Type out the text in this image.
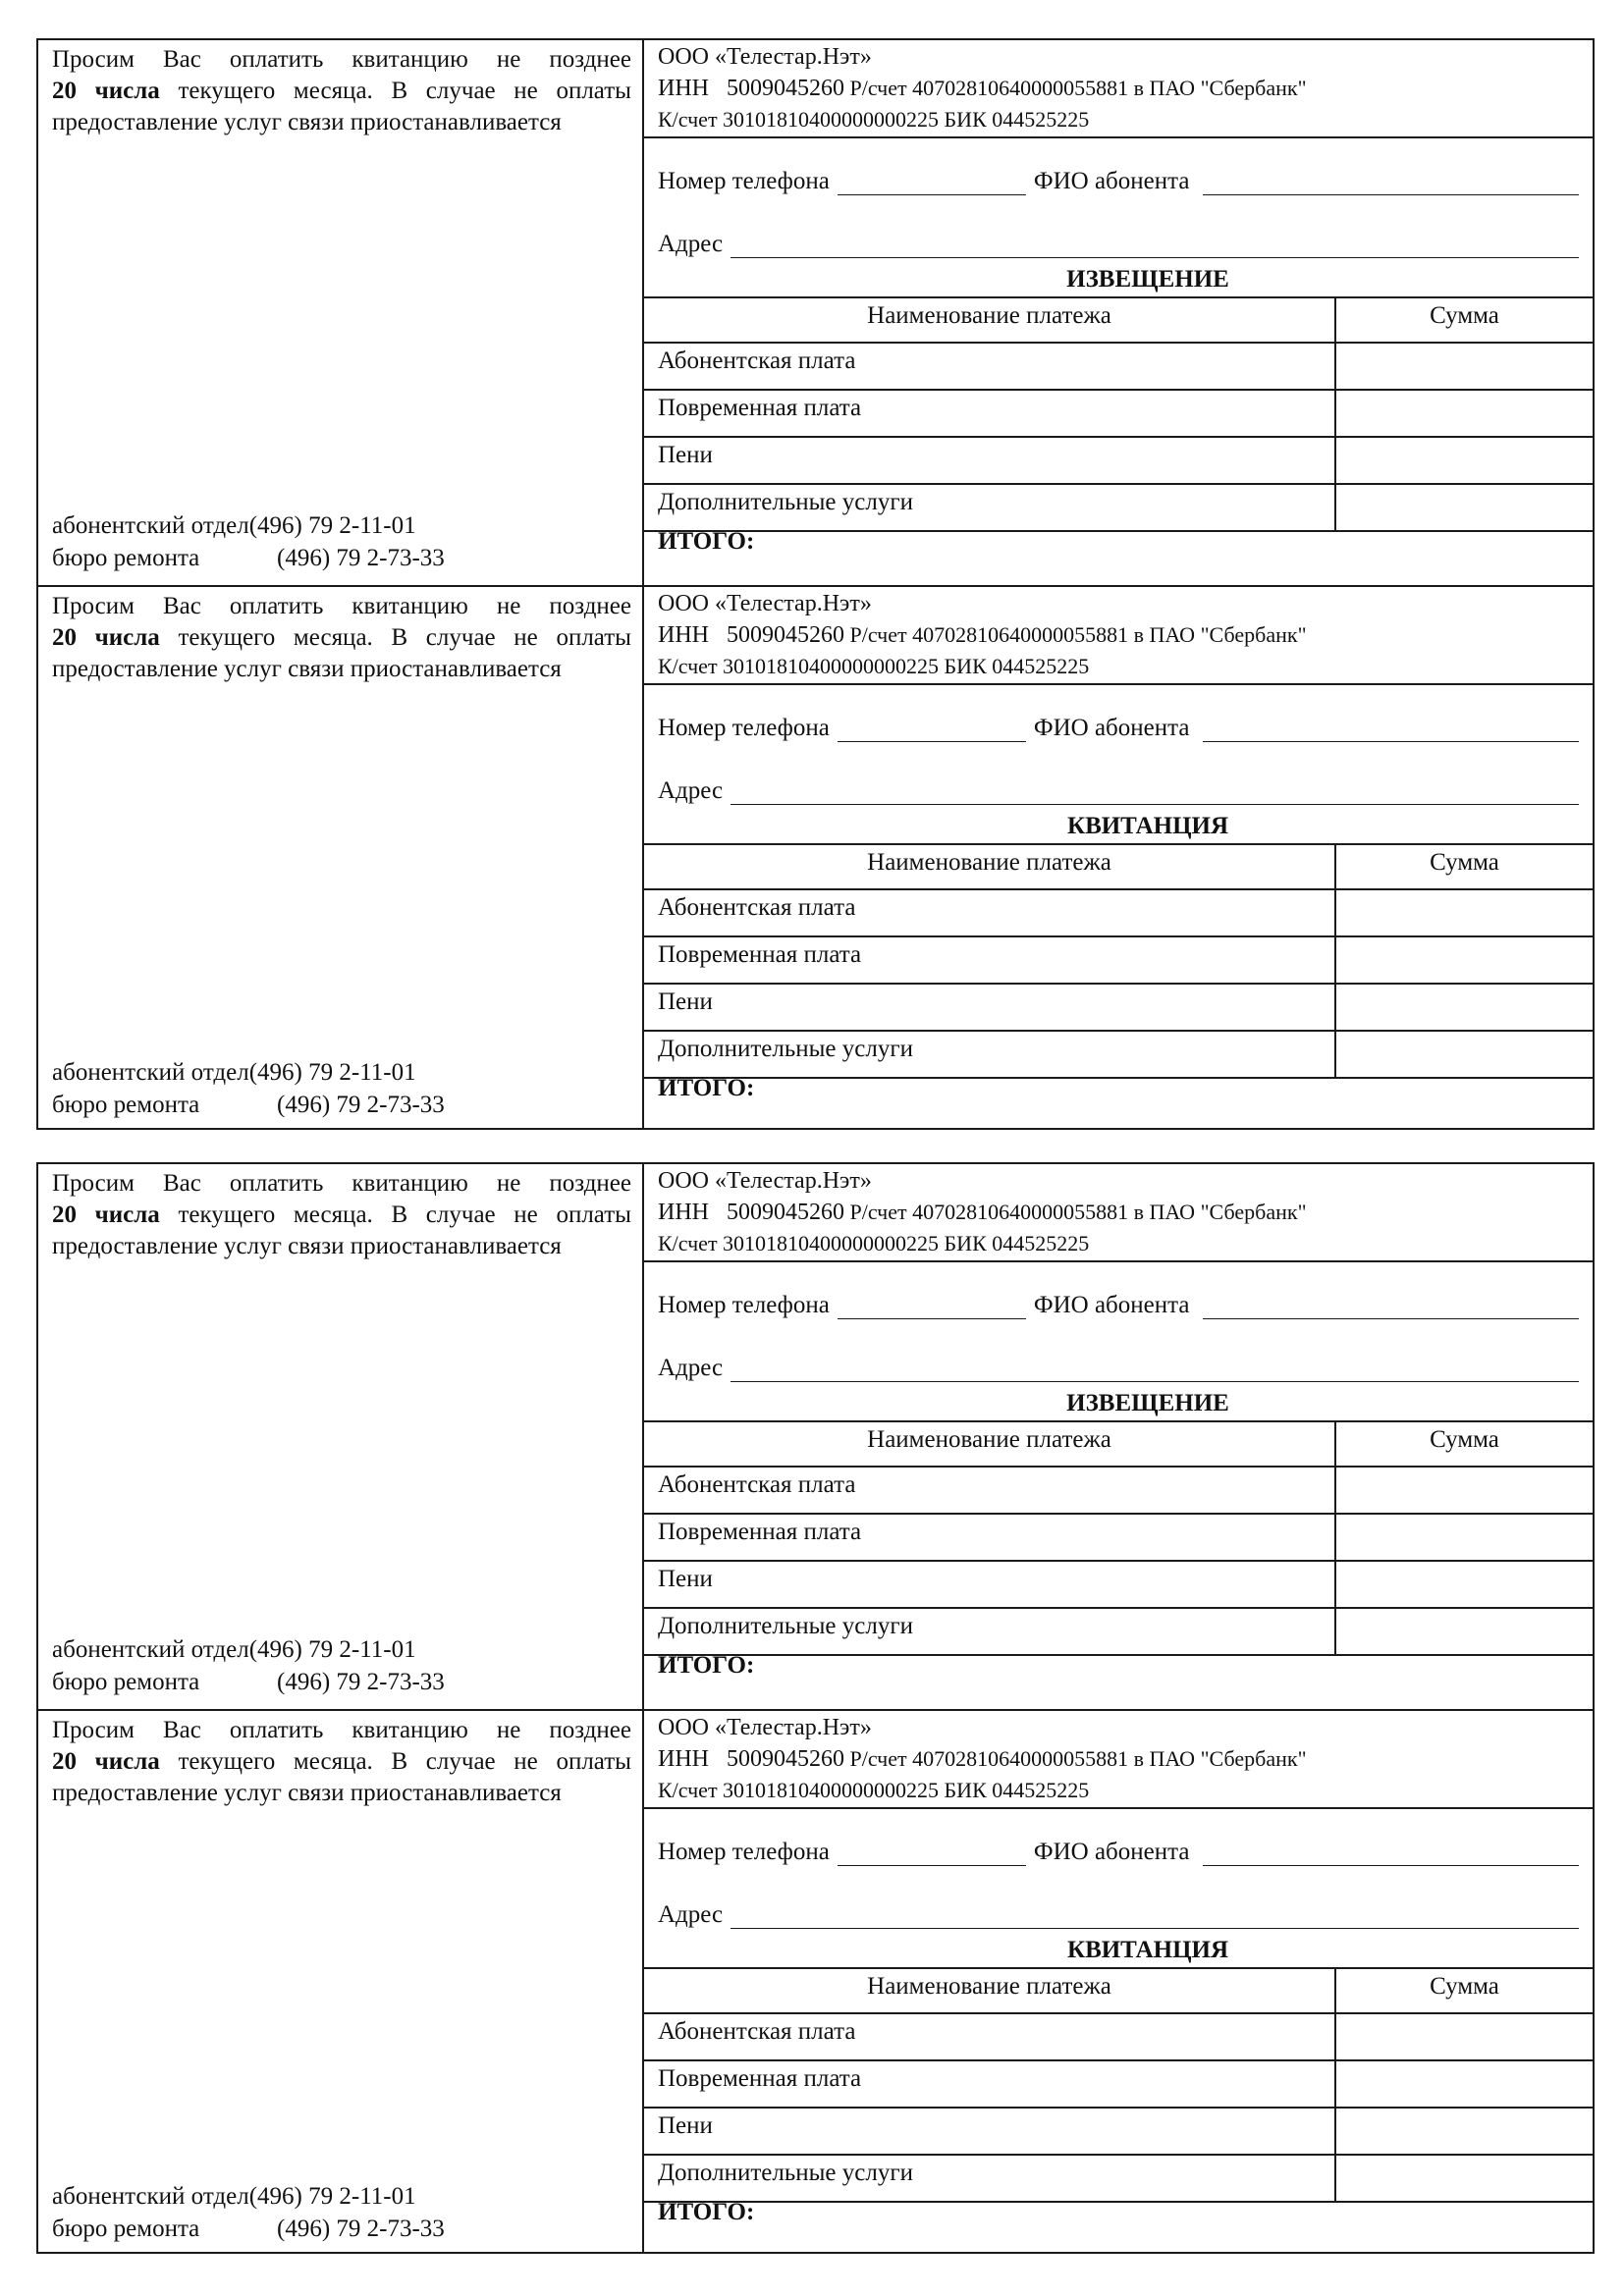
Просим Вас оплатить квитанцию не позднее
20 числа текущего месяца. В случае не оплаты
предоставление услуг связи приостанавливается
абонентский отдел (496) 79 2-11-01
бюро ремонта	(496) 79 2-73-33
ООО «Телестар.Нэт»
ИНН 5009045260 Р/счет 40702810640000055881 в ПАО "Сбербанк"
К/счет 30101810400000000225 БИК 044525225
Номер телефона	ФИО абонента
Адрес
ИЗВЕЩЕНИЕ
Наименование платежа	Сумма
Абонентская плата
Повременная плата
Пени
Дополнительные услуги
ИТОГО:
Просим Вас оплатить квитанцию не позднее
20 числа текущего месяца. В случае не оплаты
предоставление услуг связи приостанавливается
абонентский отдел (496) 79 2-11-01
бюро ремонта	(496) 79 2-73-33
ООО «Телестар.Нэт»
ИНН 5009045260 Р/счет 40702810640000055881 в ПАО "Сбербанк"
К/счет 30101810400000000225 БИК 044525225
Номер телефона	ФИО абонента
Адрес
КВИТАНЦИЯ
Наименование платежа	Сумма
Абонентская плата
Повременная плата
Пени
Дополнительные услуги
ИТОГО:
Просим Вас оплатить квитанцию не позднее
20 числа текущего месяца. В случае не оплаты
предоставление услуг связи приостанавливается
абонентский отдел (496) 79 2-11-01
бюро ремонта	(496) 79 2-73-33
ООО «Телестар.Нэт»
ИНН 5009045260 Р/счет 40702810640000055881 в ПАО "Сбербанк"
К/счет 30101810400000000225 БИК 044525225
Номер телефона	ФИО абонента
Адрес
ИЗВЕЩЕНИЕ
Наименование платежа	Сумма
Абонентская плата
Повременная плата
Пени
Дополнительные услуги
ИТОГО:
Просим Вас оплатить квитанцию не позднее
20 числа текущего месяца. В случае не оплаты
предоставление услуг связи приостанавливается
абонентский отдел (496) 79 2-11-01
бюро ремонта	(496) 79 2-73-33
ООО «Телестар.Нэт»
ИНН 5009045260 Р/счет 40702810640000055881 в ПАО "Сбербанк"
К/счет 30101810400000000225 БИК 044525225
Номер телефона	ФИО абонента
Адрес
КВИТАНЦИЯ
Наименование платежа	Сумма
Абонентская плата
Повременная плата
Пени
Дополнительные услуги
ИТОГО:
